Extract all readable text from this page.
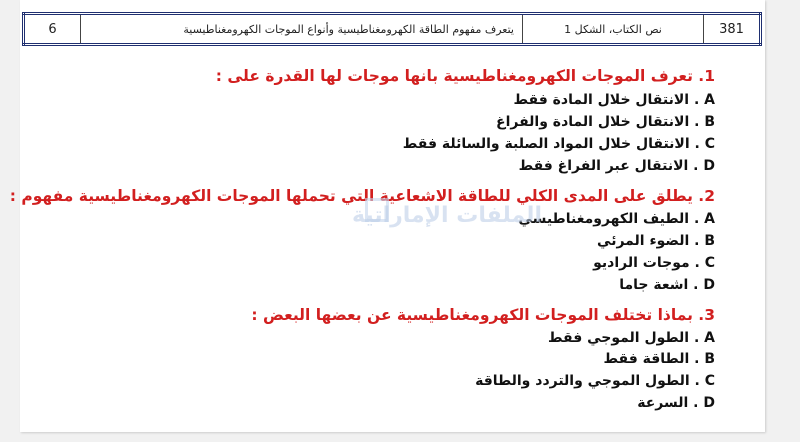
6	يتعرف مفهوم الطاقة الكهرومغناطيسية وأنواع الموجات الكهرومغناطيسية	نص الكتاب، الشكل 1	381
1. تعرف الموجات الكهرومغناطيسية بانها موجات لها القدرة على :
A . الانتقال خلال المادة فقط
B . الانتقال خلال المادة والفراغ
C . الانتقال خلال المواد الصلبة والسائلة فقط
D . الانتقال عبر الفراغ فقط
2. يطلق على المدى الكلي للطاقة الاشعاعية التي تحملها الموجات الكهرومغناطيسية مفهوم :
A . الطيف الكهرومغناطيسي
B . الضوء المرئي
C . موجات الراديو
D . اشعة جاما
3. بماذا تختلف الموجات الكهرومغناطيسية عن بعضها البعض :
A . الطول الموجي فقط
B . الطاقة فقط
C . الطول الموجي والتردد والطاقة
D . السرعة
الملفات الإماراتية
